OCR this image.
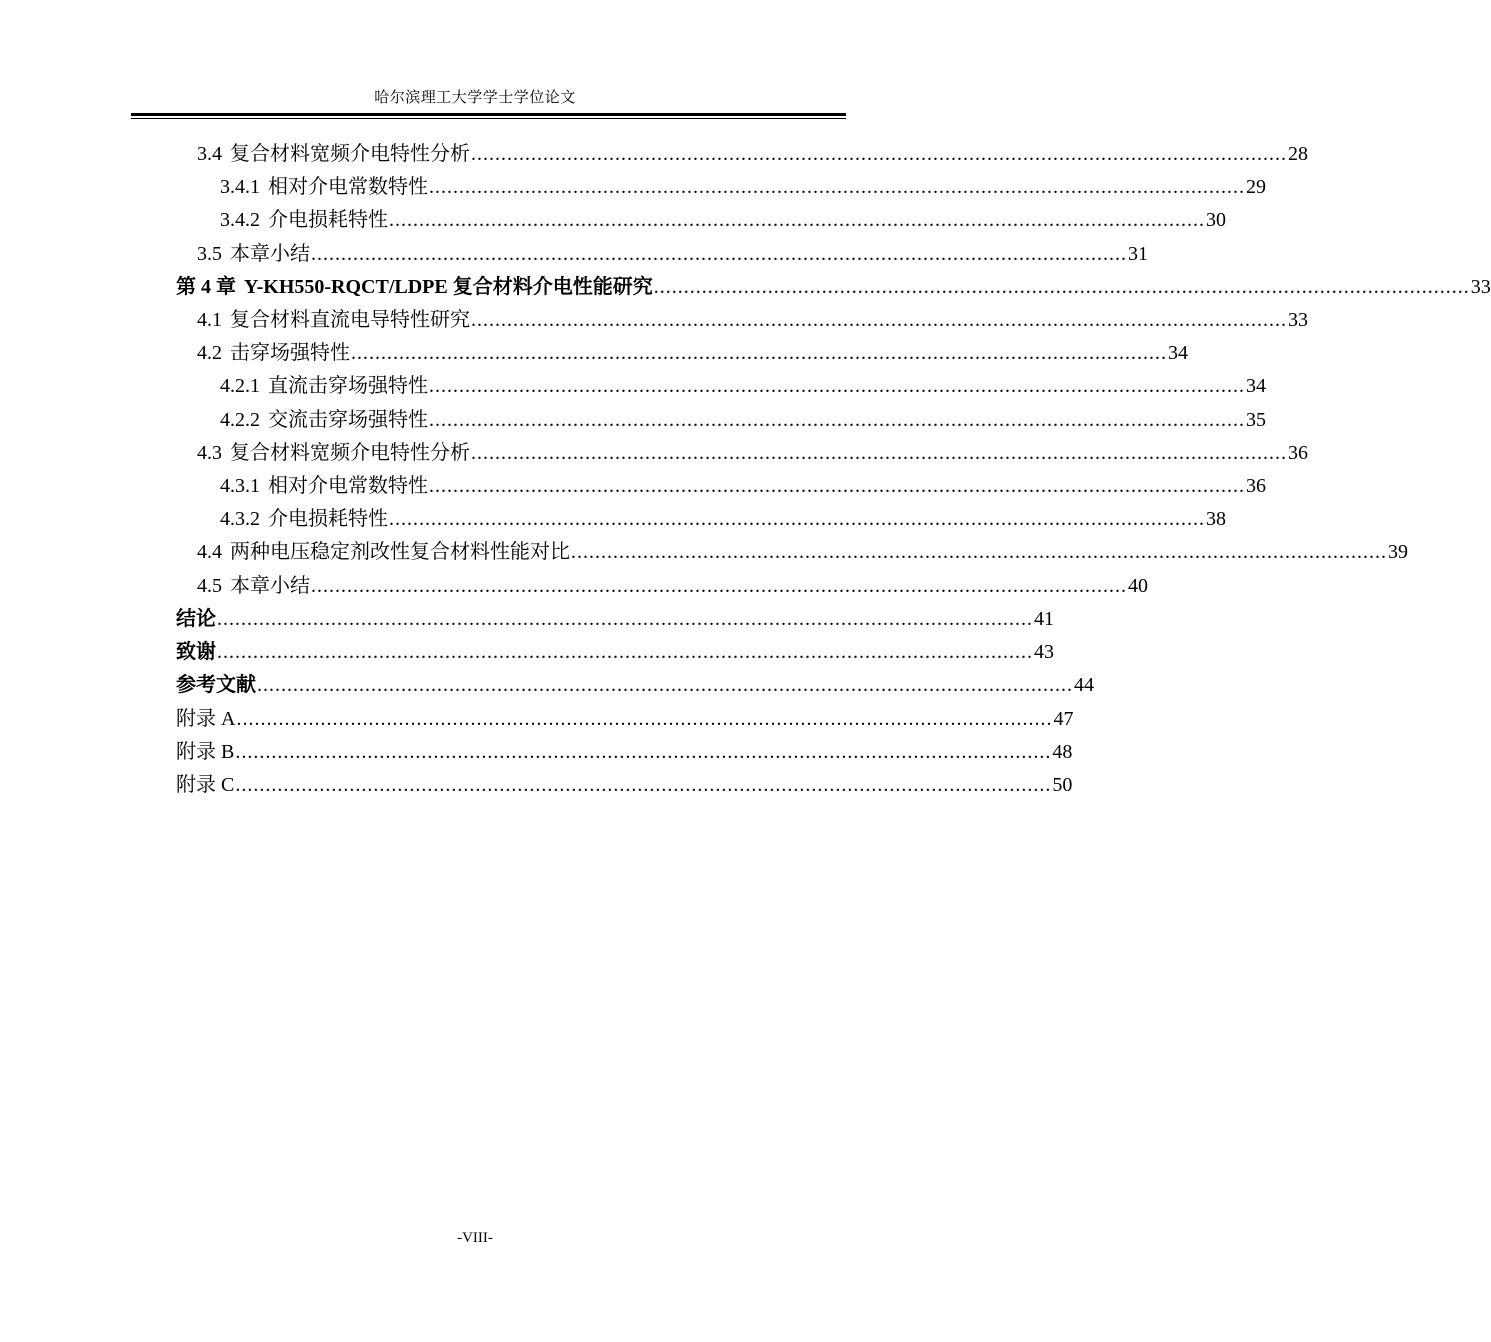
哈尔滨理工大学学士学位论文
3.4 复合材料宽频介电特性分析 ........................................................................................................................................ 28
3.4.1 相对介电常数特性 ........................................................................................................................................ 29
3.4.2 介电损耗特性 ........................................................................................................................................ 30
3.5 本章小结 ........................................................................................................................................ 31
第 4 章 Y-KH550-RQCT/LDPE 复合材料介电性能研究 ........................................................................................................................................ 33
4.1 复合材料直流电导特性研究 ........................................................................................................................................ 33
4.2 击穿场强特性 ........................................................................................................................................ 34
4.2.1 直流击穿场强特性 ........................................................................................................................................ 34
4.2.2 交流击穿场强特性 ........................................................................................................................................ 35
4.3 复合材料宽频介电特性分析 ........................................................................................................................................ 36
4.3.1 相对介电常数特性 ........................................................................................................................................ 36
4.3.2 介电损耗特性 ........................................................................................................................................ 38
4.4 两种电压稳定剂改性复合材料性能对比 ........................................................................................................................................ 39
4.5 本章小结 ........................................................................................................................................ 40
结论 ........................................................................................................................................ 41
致谢 ........................................................................................................................................ 43
参考文献 ........................................................................................................................................ 44
附录 A ........................................................................................................................................ 47
附录 B ........................................................................................................................................ 48
附录 C ........................................................................................................................................ 50
-VIII-
